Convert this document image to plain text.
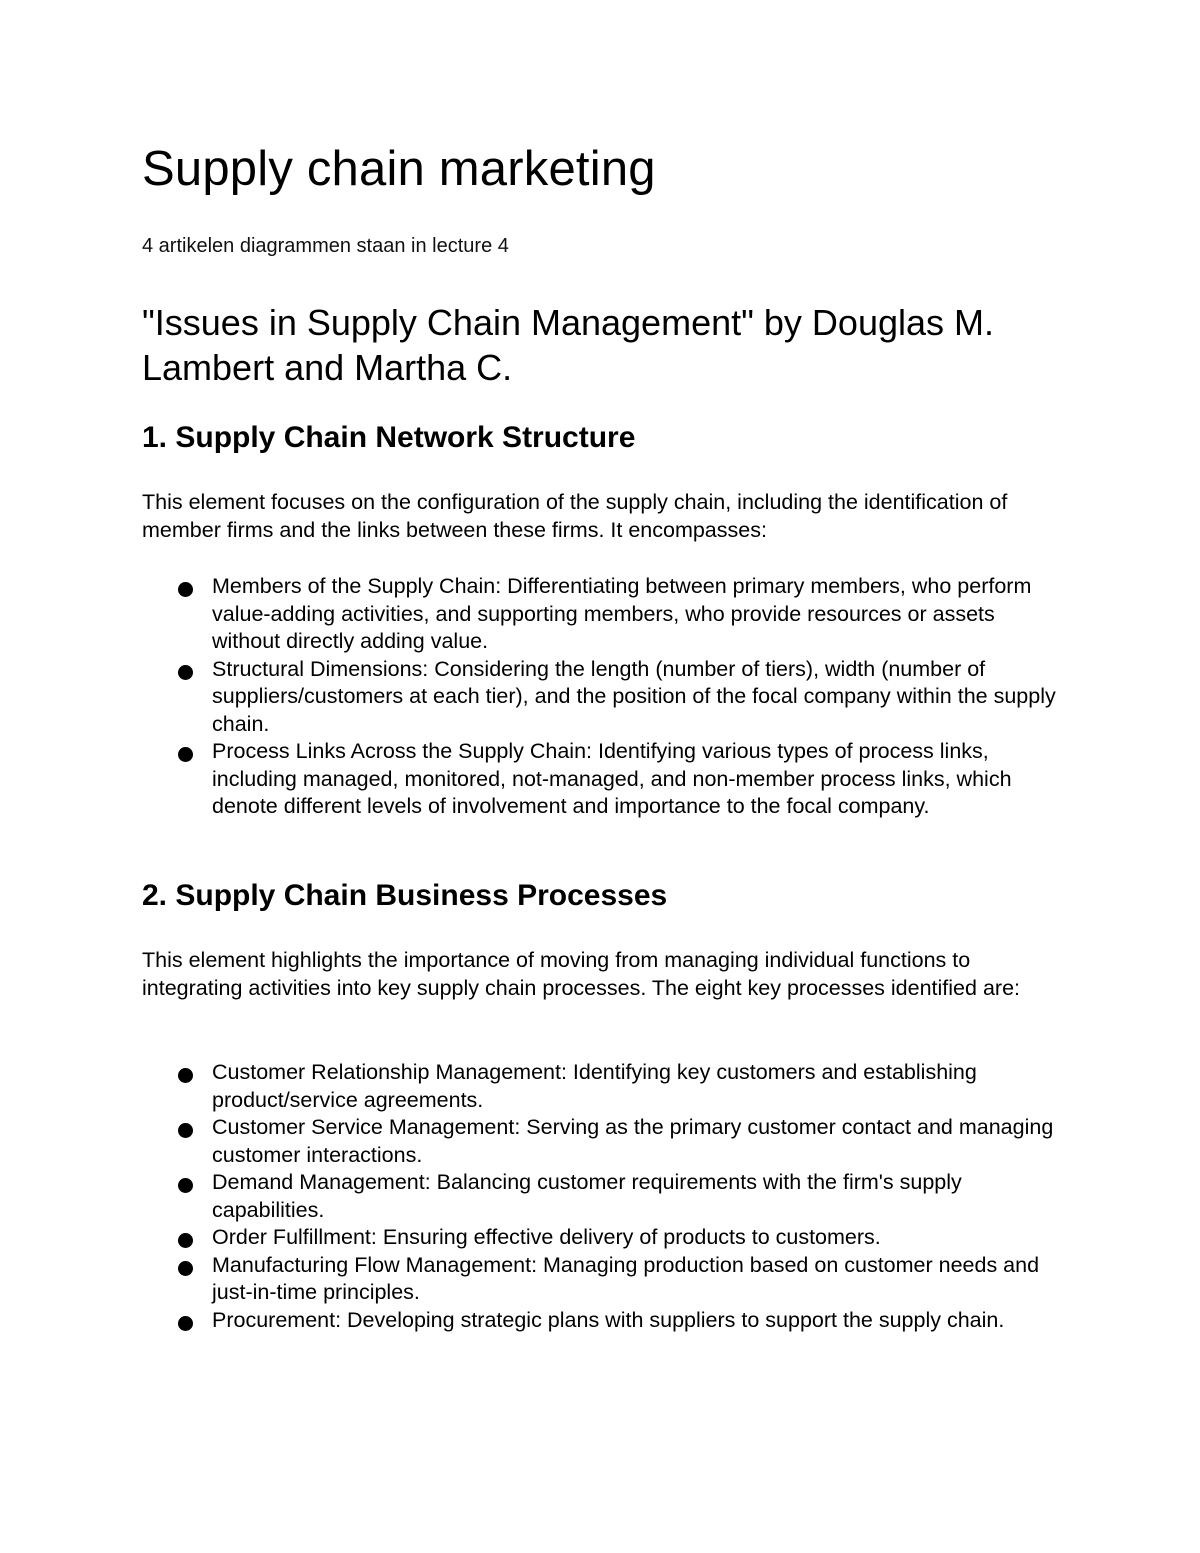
Supply chain marketing

4 artikelen diagrammen staan in lecture 4

"Issues in Supply Chain Management" by Douglas M. Lambert and Martha C.
1. Supply Chain Network Structure

This element focuses on the configuration of the supply chain, including the identification of member firms and the links between these firms. It encompasses:

Members of the Supply Chain: Differentiating between primary members, who perform value-adding activities, and supporting members, who provide resources or assets without directly adding value.
Structural Dimensions: Considering the length (number of tiers), width (number of suppliers/customers at each tier), and the position of the focal company within the supply chain.
Process Links Across the Supply Chain: Identifying various types of process links, including managed, monitored, not-managed, and non-member process links, which denote different levels of involvement and importance to the focal company.
2. Supply Chain Business Processes

This element highlights the importance of moving from managing individual functions to integrating activities into key supply chain processes. The eight key processes identified are:

Customer Relationship Management: Identifying key customers and establishing product/service agreements.
Customer Service Management: Serving as the primary customer contact and managing customer interactions.
Demand Management: Balancing customer requirements with the firm's supply capabilities.
Order Fulfillment: Ensuring effective delivery of products to customers.
Manufacturing Flow Management: Managing production based on customer needs and just-in-time principles.
Procurement: Developing strategic plans with suppliers to support the supply chain.
